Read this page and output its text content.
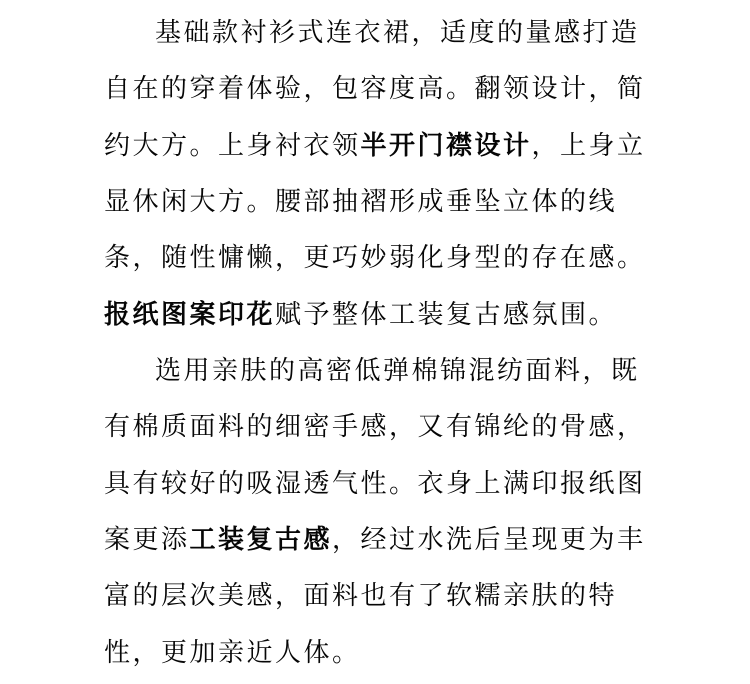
基础款衬衫式连衣裙，适度的量感打造
自在的穿着体验，包容度高。翻领设计，简
约大方。上身衬衣领 半开门襟设计 ，上身立
显休闲大方。腰部抽褶形成垂坠立体的线
条，随性慵懒，更巧妙弱化身型的存在感。
报纸图案印花 赋予整体工装复古感氛围。
选用亲肤的高密低弹棉锦混纺面料，既
有棉质面料的细密手感，又有锦纶的骨感，
具有较好的吸湿透气性。衣身上满印报纸图
案更添 工装复古感 ，经过水洗后呈现更为丰
富的层次美感，面料也有了软糯亲肤的特
性，更加亲近人体。
